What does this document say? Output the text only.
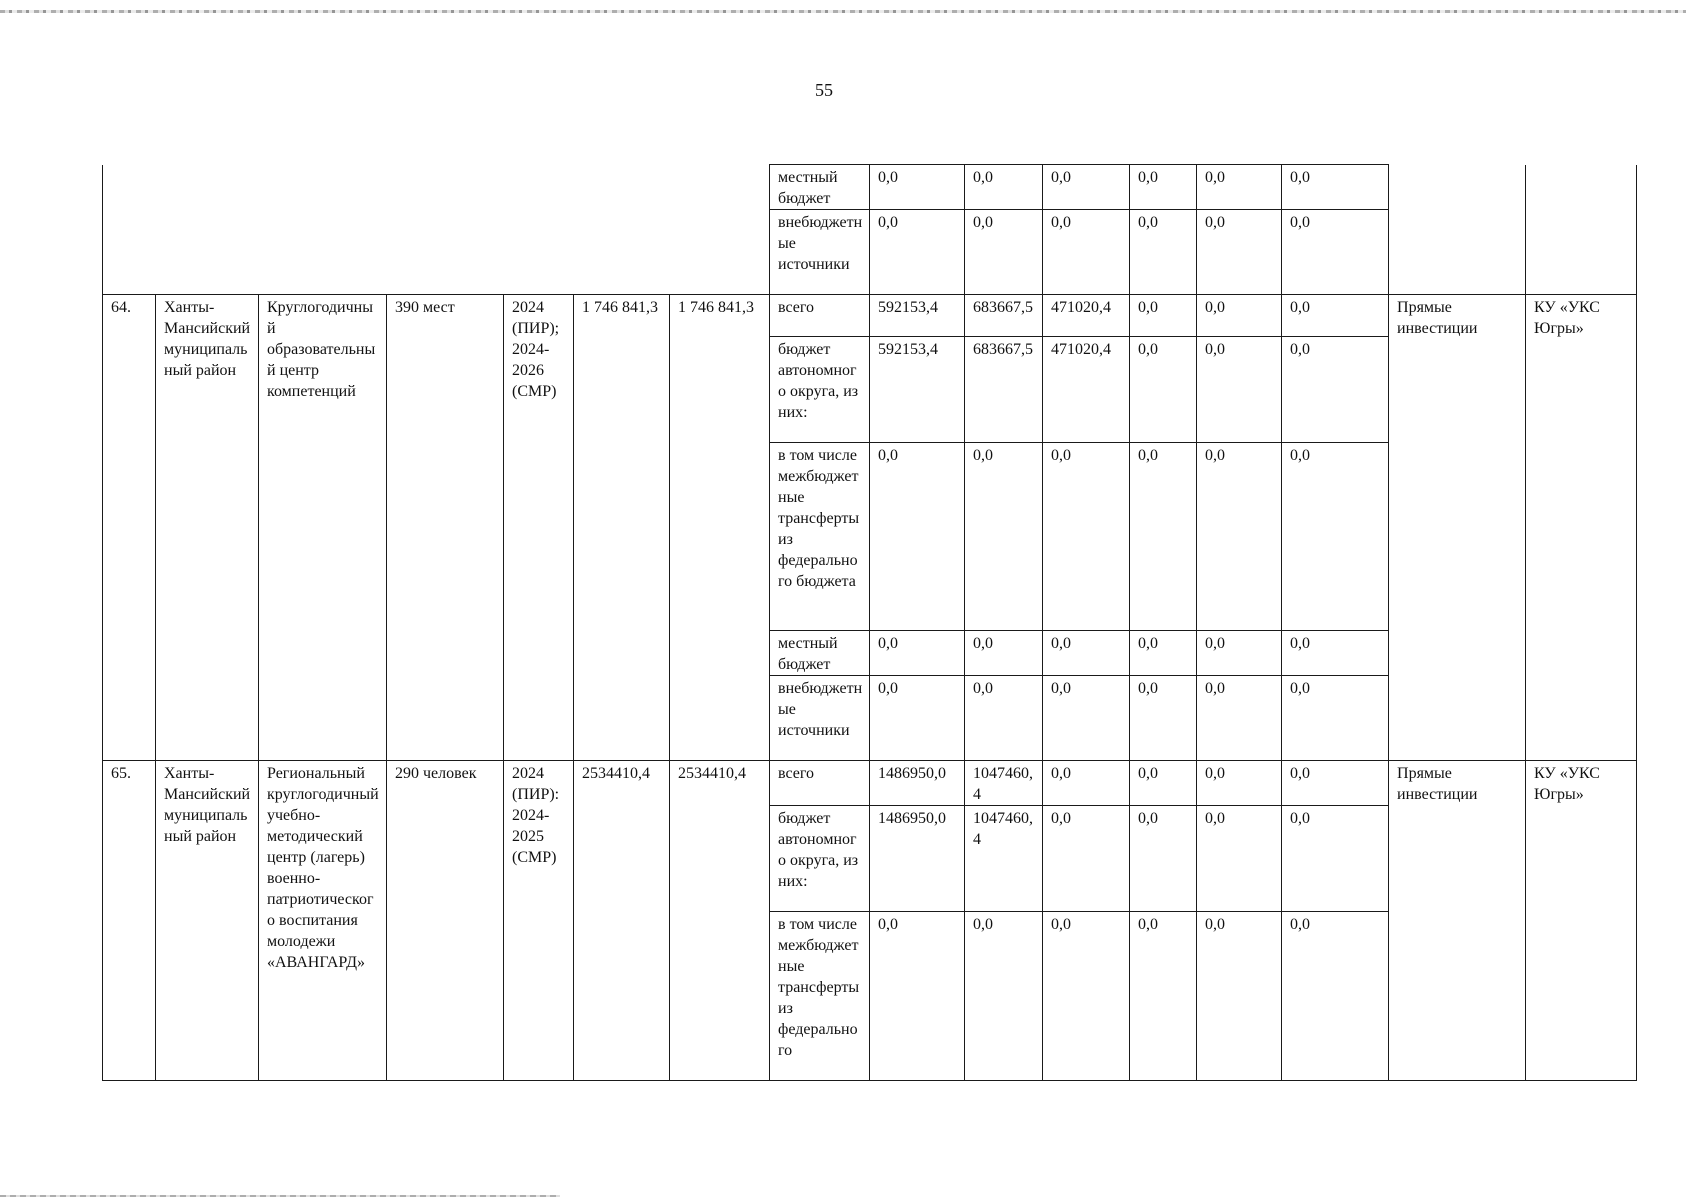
55
							местный бюджет	0,0	0,0	0,0	0,0	0,0	0,0		
							внебюджетные источники	0,0	0,0	0,0	0,0	0,0	0,0		
64.	Ханты-Мансийский муниципальный район	Круглогодичный образовательный центр компетенций	390 мест	2024 (ПИР); 2024-2026 (СМР)	1 746 841,3	1 746 841,3	всего	592153,4	683667,5	471020,4	0,0	0,0	0,0	Прямые инвестиции	КУ «УКС Югры»
							бюджет автономного округа, из них:	592153,4	683667,5	471020,4	0,0	0,0	0,0		
							в том числе межбюджетные трансферты из федерального бюджета	0,0	0,0	0,0	0,0	0,0	0,0		
							местный бюджет	0,0	0,0	0,0	0,0	0,0	0,0		
							внебюджетные источники	0,0	0,0	0,0	0,0	0,0	0,0		
65.	Ханты-Мансийский муниципальный район	Региональный круглогодичный учебно-методический центр (лагерь) военно-патриотического воспитания молодежи «АВАНГАРД»	290 человек	2024 (ПИР): 2024-2025 (СМР)	2534410,4	2534410,4	всего	1486950,0	1047460,4	0,0	0,0	0,0	0,0	Прямые инвестиции	КУ «УКС Югры»
							бюджет автономного округа, из них:	1486950,0	1047460,4	0,0	0,0	0,0	0,0		
							в том числе межбюджетные трансферты из федерального	0,0	0,0	0,0	0,0	0,0	0,0		
